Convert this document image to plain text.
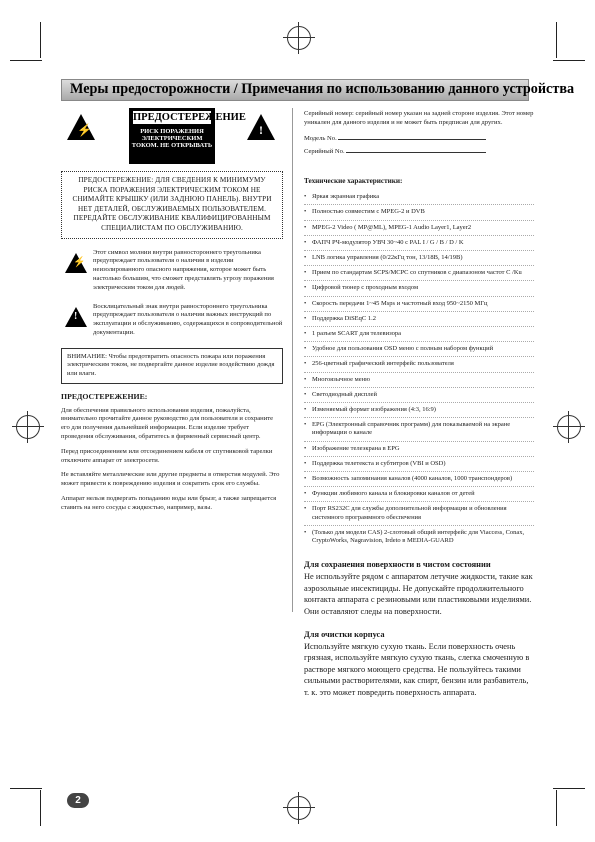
Меры предосторожности / Примечания по использованию данного устройства
⚡
ПРЕДОСТЕРЕЖЕНИЕ
РИСК ПОРАЖЕНИЯ ЭЛЕКТРИЧЕСКИМ ТОКОМ. НЕ ОТКРЫВАТЬ
!
ПРЕДОСТЕРЕЖЕНИЕ: ДЛЯ СВЕДЕНИЯ К МИНИМУМУ РИСКА ПОРАЖЕНИЯ ЭЛЕКТРИЧЕСКИМ ТОКОМ НЕ СНИМАЙТЕ КРЫШКУ (ИЛИ ЗАДНЮЮ ПАНЕЛЬ). ВНУТРИ НЕТ ДЕТАЛЕЙ, ОБСЛУЖИВАЕМЫХ ПОЛЬЗОВАТЕЛЕМ. ПЕРЕДАЙТЕ ОБСЛУЖИВАНИЕ КВАЛИФИЦИРОВАННЫМ СПЕЦИАЛИСТАМ ПО ОБСЛУЖИВАНИЮ.
⚡
Этот символ молнии внутри равностороннего треугольника предупреждает пользователя о наличии в изделии неизолированного опасного напряжения, которое может быть настолько большим, что сможет представлять угрозу поражения электрическим током для людей.
!
Восклицательный знак внутри равностороннего треугольника предупреждает пользователя о наличии важных инструкций по эксплуатации и обслуживанию, содержащихся в сопроводительной документации.
ВНИМАНИЕ: Чтобы предотвратить опасность пожара или поражения электрическим током, не подвергайте данное изделие воздействию дождя или влаги.
ПРЕДОСТЕРЕЖЕНИЕ:
Для обеспечения правильного использования изделия, пожалуйста, внимательно прочитайте данное руководство для пользователя и сохраните его для получения дальнейшей информации. Если изделие требует проведения обслуживания, обратитесь в фирменный сервисный центр.
Перед присоединением или отсоединением кабеля от спутниковой тарелки отключите аппарат от электросети.
Не вставляйте металлические или другие предметы в отверстия модулей. Это может привести к повреждению изделия и сократить срок его службы.
Аппарат нельзя подвергать попаданию воды или брызг, а также запрещается ставить на него сосуды с жидкостью, например, вазы.
Серийный номер: серийный номер указан на задней стороне изделия. Этот номер уникален для данного изделия и не может быть предписан для других.
Модель No.
Серийный No.
Технические характеристики:
• Яркая экранная графика
• Полностью совместим с MPEG-2 и DVB
• MPEG-2 Video ( MP@ML), MPEG-1 Audio Layer1, Layer2
• ФАПЧ РЧ-модулятор УВЧ 30~40 с PAL I / G / B / D / K
• LNB логика управления (0/22кГц тон, 13/18B, 14/19B)
• Прием по стандартам SCPS/MCPC со спутников с диапазоном частот С /Ku
• Цифровой тюнер с проходным входом
• Скорость передачи 1~45 Мsps и частотный вход 950~2150 МГц
• Поддержка DiSEqC 1.2
• 1 разъем SCART для телевизора
• Удобное для пользования OSD меню с полным набором функций
• 256-цветный графический интерфейс пользователя
• Многоязычное меню
• Светодиодный дисплей
• Изменяемый формат изображения (4:3, 16:9)
• EPG (Электронный справочник программ) для показываемой на экране информации о канале
• Изображение телеэкрана в EPG
• Поддержка телетекста и субтитров (VBI и OSD)
• Возможность запоминания каналов (4000 каналов, 1000 транспондеров)
• Функции любимого канала и блокировки каналов от детей
• Порт RS232C для службы дополнительной информации и обновления системного программного обеспечения
• (Только для модели CAS) 2-слотовый общий интерфейс для Viaccess, Conax, CryptoWorks, Nagravision, Irdeto в MEDIA-GUARD
Для сохранения поверхности в чистом состоянии
Не используйте рядом с аппаратом летучие жидкости, такие как аэрозольные инсектициды. Не допускайте продолжительного контакта аппарата с резиновыми или пластиковыми изделиями. Они оставляют следы на поверхности.
Для очистки корпуса
Используйте мягкую сухую ткань. Если поверхность очень грязная, используйте мягкую сухую ткань, слегка смоченную в растворе мягкого моющего средства. Не пользуйтесь такими сильными растворителями, как спирт, бензин или разбавитель, т. к. это может повредить поверхность аппарата.
2
